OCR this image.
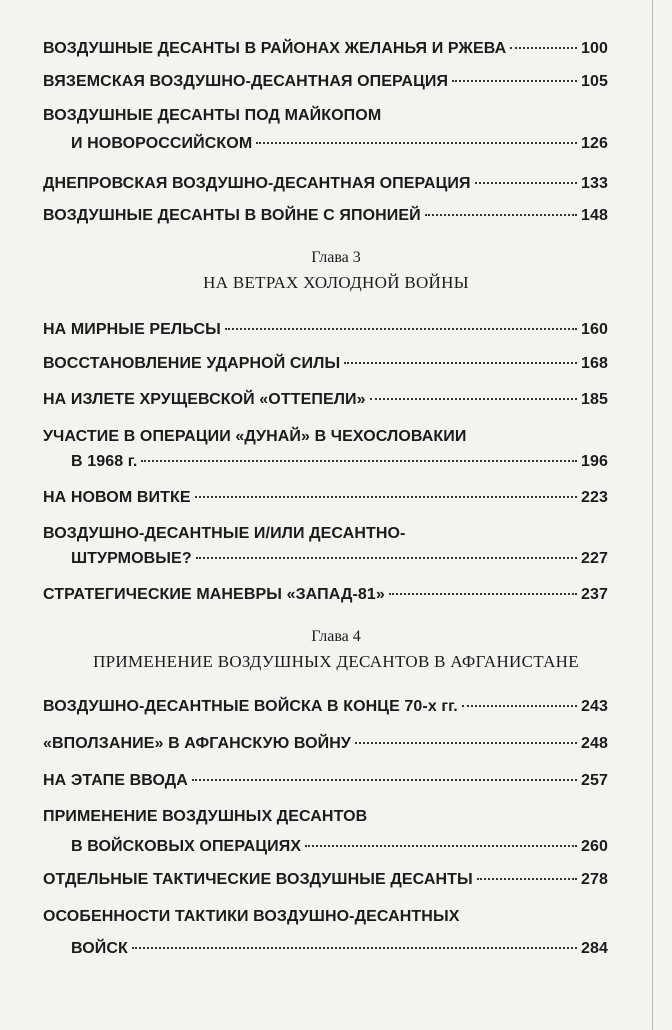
ВОЗДУШНЫЕ ДЕСАНТЫ В РАЙОНАХ ЖЕЛАНЬЯ И РЖЕВА	100
ВЯЗЕМСКАЯ ВОЗДУШНО-ДЕСАНТНАЯ ОПЕРАЦИЯ	105
ВОЗДУШНЫЕ ДЕСАНТЫ ПОД МАЙКОПОМ
И НОВОРОССИЙСКОМ	126
ДНЕПРОВСКАЯ ВОЗДУШНО-ДЕСАНТНАЯ ОПЕРАЦИЯ	133
ВОЗДУШНЫЕ ДЕСАНТЫ В ВОЙНЕ С ЯПОНИЕЙ	148
Глава 3
НА ВЕТРАХ ХОЛОДНОЙ ВОЙНЫ
НА МИРНЫЕ РЕЛЬСЫ	160
ВОССТАНОВЛЕНИЕ УДАРНОЙ СИЛЫ	168
НА ИЗЛЕТЕ ХРУЩЕВСКОЙ «ОТТЕПЕЛИ»	185
УЧАСТИЕ В ОПЕРАЦИИ «ДУНАЙ» В ЧЕХОСЛОВАКИИ
В 1968 г.	196
НА НОВОМ ВИТКЕ	223
ВОЗДУШНО-ДЕСАНТНЫЕ И/ИЛИ ДЕСАНТНО-
ШТУРМОВЫЕ?	227
СТРАТЕГИЧЕСКИЕ МАНЕВРЫ «ЗАПАД-81»	237
Глава 4
ПРИМЕНЕНИЕ ВОЗДУШНЫХ ДЕСАНТОВ В АФГАНИСТАНЕ
ВОЗДУШНО-ДЕСАНТНЫЕ ВОЙСКА В КОНЦЕ 70-х гг.	243
«ВПОЛЗАНИЕ» В АФГАНСКУЮ ВОЙНУ	248
НА ЭТАПЕ ВВОДА	257
ПРИМЕНЕНИЕ ВОЗДУШНЫХ ДЕСАНТОВ
В ВОЙСКОВЫХ ОПЕРАЦИЯХ	260
ОТДЕЛЬНЫЕ ТАКТИЧЕСКИЕ ВОЗДУШНЫЕ ДЕСАНТЫ	278
ОСОБЕННОСТИ ТАКТИКИ ВОЗДУШНО-ДЕСАНТНЫХ
ВОЙСК	284
